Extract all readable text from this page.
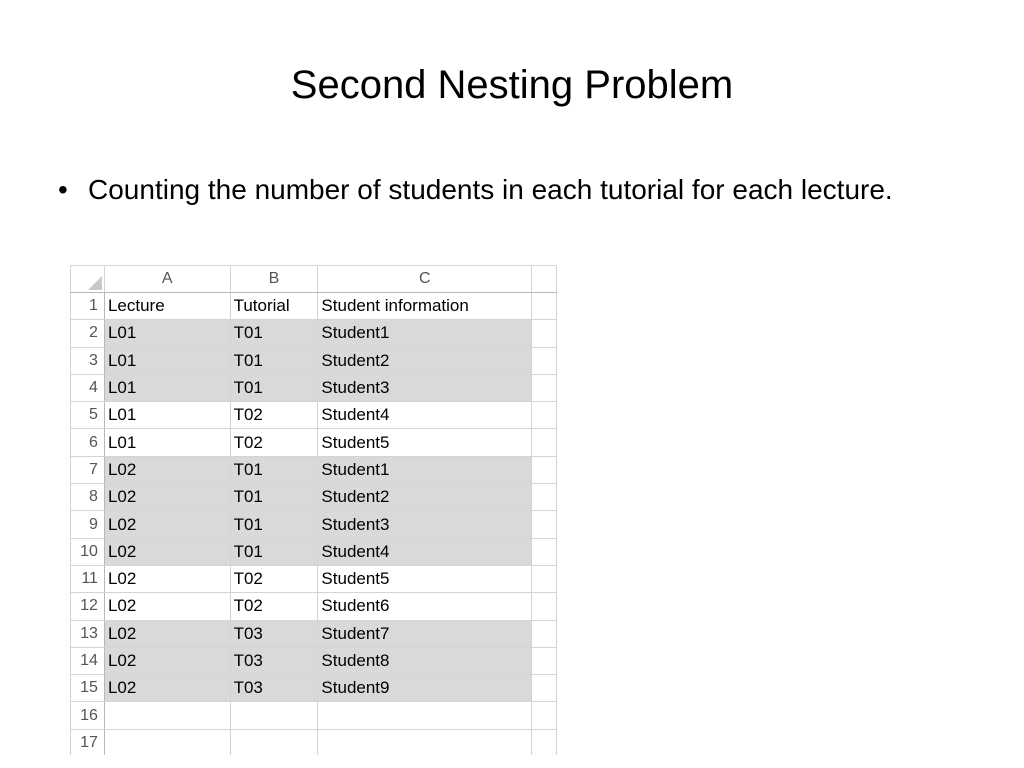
Second Nesting Problem
• Counting the number of students in each tutorial for each lecture.
	A	B	C	
1	Lecture	Tutorial	Student information	
2	L01	T01	Student1	
3	L01	T01	Student2	
4	L01	T01	Student3	
5	L01	T02	Student4	
6	L01	T02	Student5	
7	L02	T01	Student1	
8	L02	T01	Student2	
9	L02	T01	Student3	
10	L02	T01	Student4	
11	L02	T02	Student5	
12	L02	T02	Student6	
13	L02	T03	Student7	
14	L02	T03	Student8	
15	L02	T03	Student9	
16				
17				
